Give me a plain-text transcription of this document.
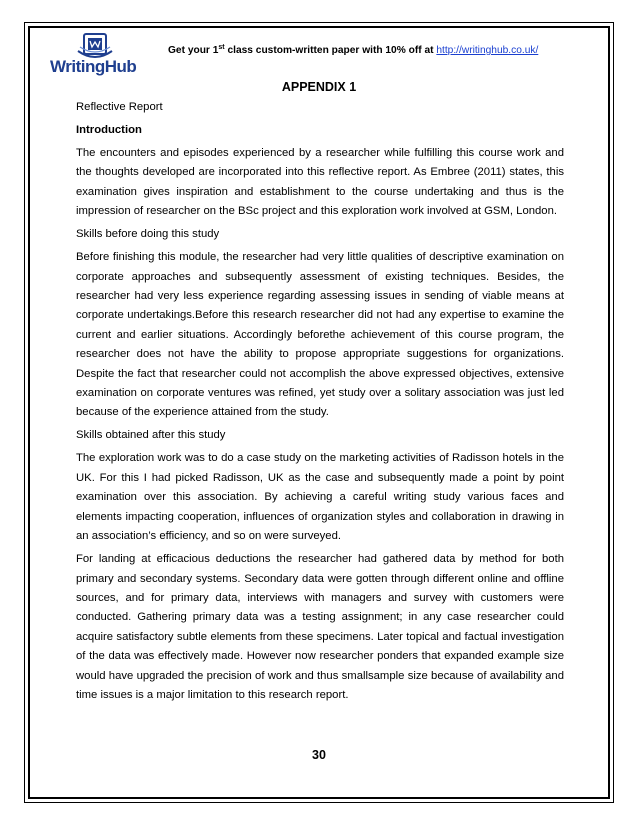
WritingHub
Get your 1st class custom-written paper with 10% off at http://writinghub.co.uk/
APPENDIX 1

Reflective Report

Introduction

The encounters and episodes experienced by a researcher while fulfilling this course work and the thoughts developed are incorporated into this reflective report. As Embree (2011) states, this examination gives inspiration and establishment to the course undertaking and thus is the impression of researcher on the BSc project and this exploration work involved at GSM, London.

Skills before doing this study

Before finishing this module, the researcher had very little qualities of descriptive examination on corporate approaches and subsequently assessment of existing techniques. Besides, the researcher had very less experience regarding assessing issues in sending of viable means at corporate undertakings.Before this research researcher did not had any expertise to examine the current and earlier situations. Accordingly beforethe achievement of this course program, the researcher does not have the ability to propose appropriate suggestions for organizations. Despite the fact that researcher could not accomplish the above expressed objectives, extensive examination on corporate ventures was refined, yet study over a solitary association was just led because of the experience attained from the study.

Skills obtained after this study

The exploration work was to do a case study on the marketing activities of Radisson hotels in the UK. For this I had picked Radisson, UK as the case and subsequently made a point by point examination over this association. By achieving a careful writing study various faces and elements impacting cooperation, influences of organization styles and collaboration in drawing in an association’s efficiency, and so on were surveyed.

For landing at efficacious deductions the researcher had gathered data by method for both primary and secondary systems. Secondary data were gotten through different online and offline sources, and for primary data, interviews with managers and survey with customers were conducted. Gathering primary data was a testing assignment; in any case researcher could acquire satisfactory subtle elements from these specimens. Later topical and factual investigation of the data was effectively made. However now researcher ponders that expanded example size would have upgraded the precision of work and thus smallsample size because of availability and time issues is a major limitation to this research report.

30
